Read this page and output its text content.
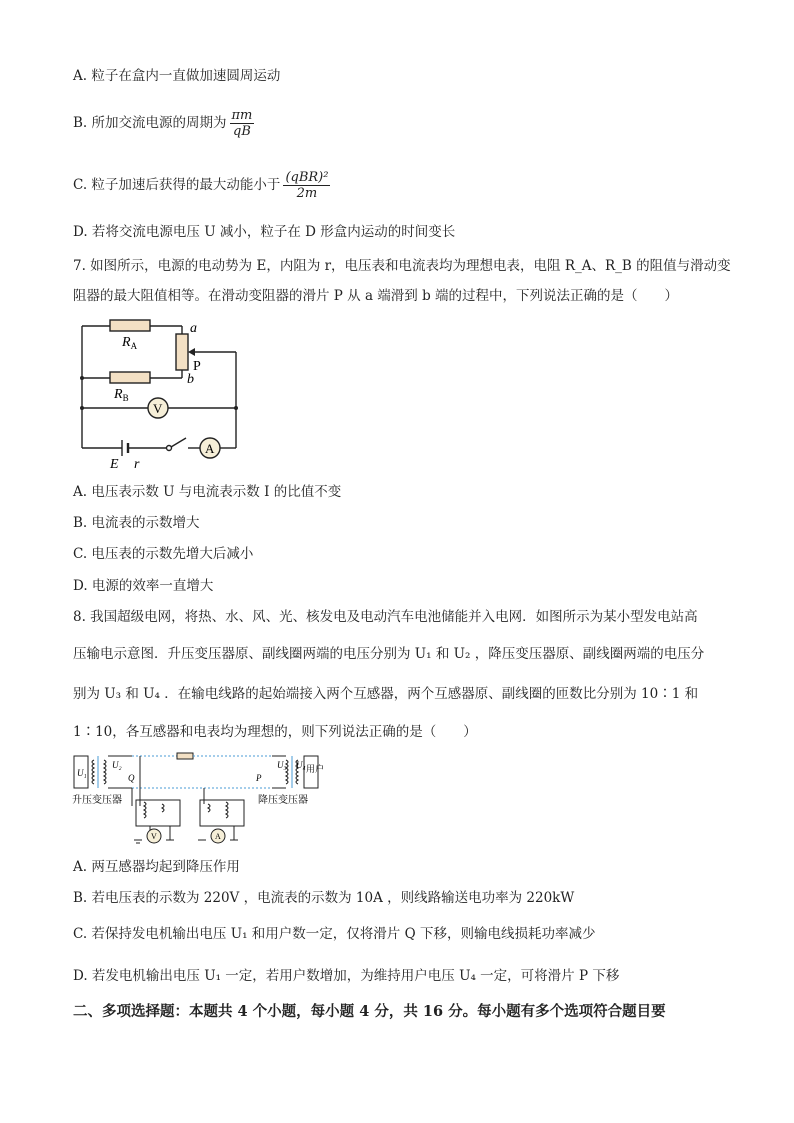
A. 粒子在盒内一直做加速圆周运动
B. 所加交流电源的周期为 $\frac{\pi m}{qB}$
C. 粒子加速后获得的最大动能小于 $\frac{\text{(qBR)²}}{2m}$
D. 若将交流电源电压 U 减小，粒子在 D 形盒内运动的时间变长
7. 如图所示，电源的电动势为 E，内阻为 r，电压表和电流表均为理想电表，电阻 R_A、R_B 的阻值与滑动变
阻器的最大阻值相等。在滑动变阻器的滑片 P 从 a 端滑到 b 端的过程中，下列说法正确的是（　　）
$R_A$
$R_B$
a
b
P
V
A
E r
A. 电压表示数 U 与电流表示数 I 的比值不变
B. 电流表的示数增大
C. 电压表的示数先增大后减小
D. 电源的效率一直增大
8. 我国超级电网，将热、水、风、光、核发电及电动汽车电池储能并入电网．如图所示为某小型发电站高
压输电示意图．升压变压器原、副线圈两端的电压分别为 U₁ 和 U₂ ，降压变压器原、副线圈两端的电压分
别为 U₃ 和 U₄ ．在输电线路的起始端接入两个互感器，两个互感器原、副线圈的匝数比分别为 10∶1 和
1∶10，各互感器和电表均为理想的，则下列说法正确的是（　　）
U₁
U₂
Q
U₃
P
U₄ 用户
升压变压器	降压变压器
V	A
A. 两互感器均起到降压作用
B. 若电压表的示数为 220V ，电流表的示数为 10A ，则线路输送电功率为 220kW
C. 若保持发电机输出电压 U₁ 和用户数一定，仅将滑片 Q 下移，则输电线损耗功率减少
D. 若发电机输出电压 U₁ 一定，若用户数增加，为维持用户电压 U₄ 一定，可将滑片 P 下移
二、多项选择题：本题共 4 个小题，每小题 4 分，共 16 分。每小题有多个选项符合题目要
